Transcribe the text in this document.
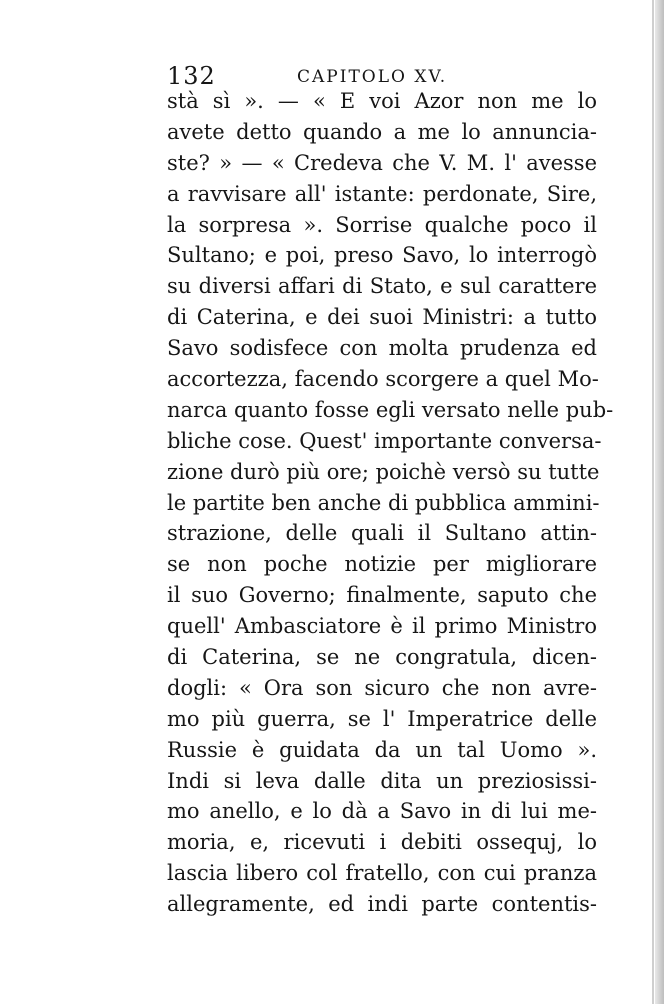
132	CAPITOLO XV.
stà sì ». — « E voi Azor non me lo
avete detto quando a me lo annuncia-
ste? » — « Credeva che V. M. l' avesse
a ravvisare all' istante: perdonate, Sire,
la sorpresa ». Sorrise qualche poco il
Sultano; e poi, preso Savo, lo interrogò
su diversi affari di Stato, e sul carattere
di Caterina, e dei suoi Ministri: a tutto
Savo sodisfece con molta prudenza ed
accortezza, facendo scorgere a quel Mo-
narca quanto fosse egli versato nelle pub-
bliche cose. Quest' importante conversa-
zione durò più ore; poichè versò su tutte
le partite ben anche di pubblica ammini-
strazione, delle quali il Sultano attin-
se non poche notizie per migliorare
il suo Governo; finalmente, saputo che
quell' Ambasciatore è il primo Ministro
di Caterina, se ne congratula, dicen-
dogli: « Ora son sicuro che non avre-
mo più guerra, se l' Imperatrice delle
Russie è guidata da un tal Uomo ».
Indi si leva dalle dita un preziosissi-
mo anello, e lo dà a Savo in di lui me-
moria, e, ricevuti i debiti ossequj, lo
lascia libero col fratello, con cui pranza
allegramente, ed indi parte contentis-
